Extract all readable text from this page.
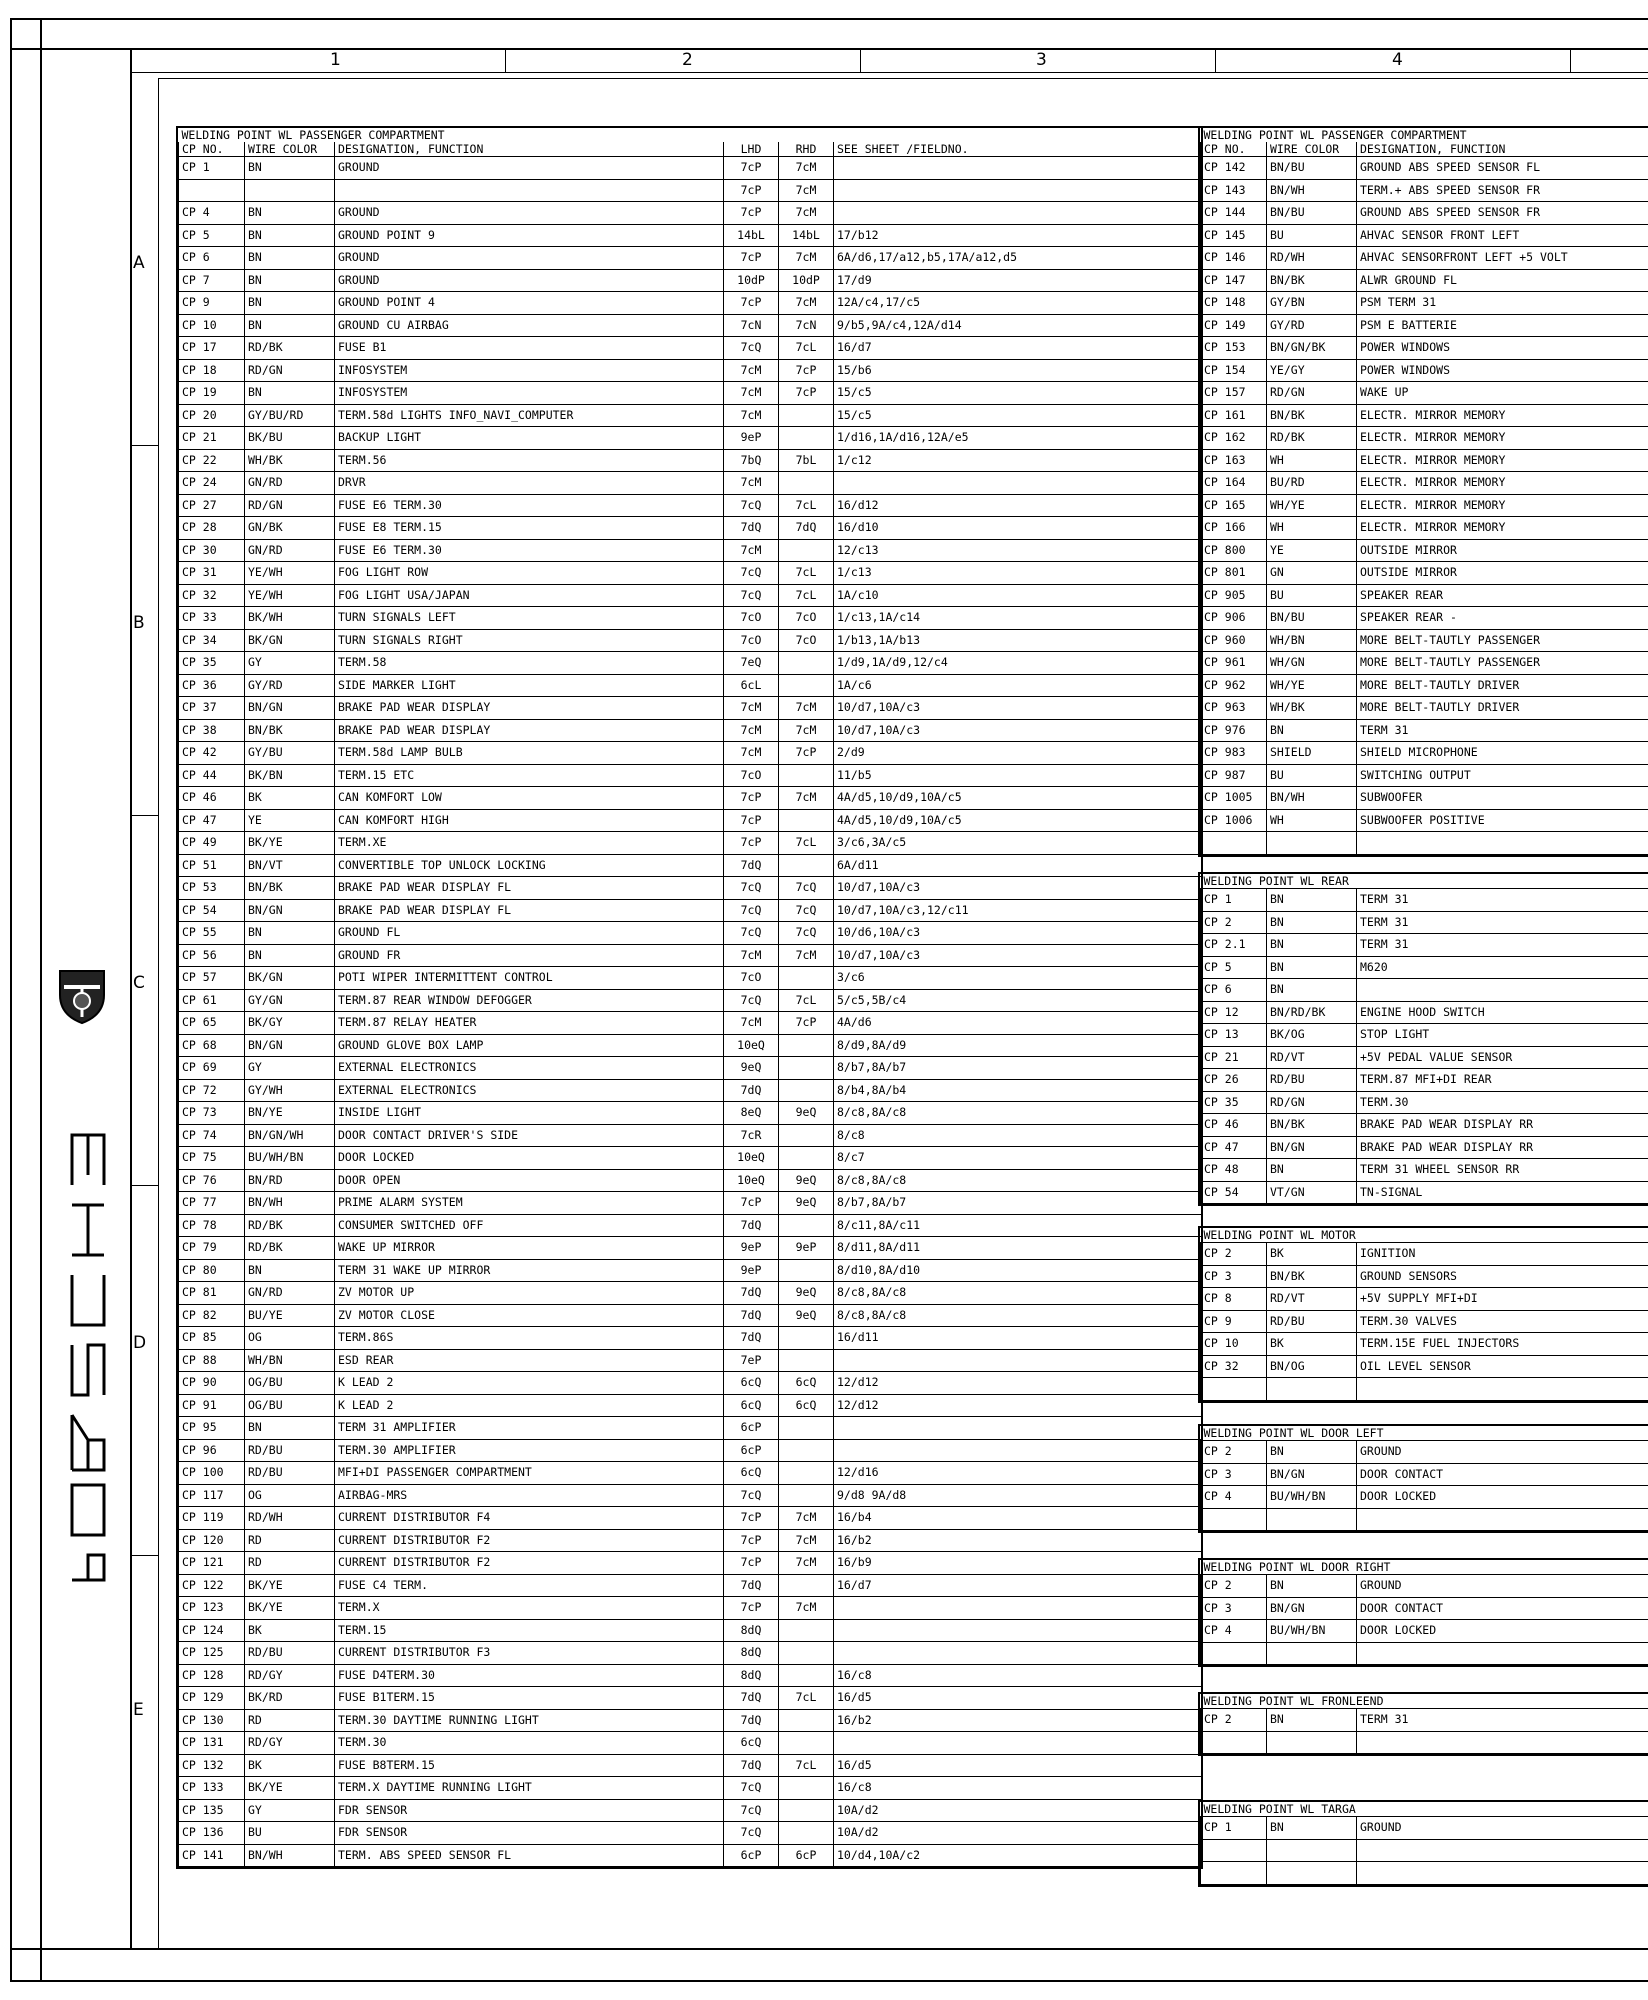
1	2	3	4
A
B
C
D
E
WELDING POINT WL PASSENGER COMPARTMENT					
CP NO.	WIRE COLOR	DESIGNATION, FUNCTION	LHD	RHD	SEE SHEET /FIELDNO.
CP 1	BN	GROUND	7cP	7cM	
			7cP	7cM	
CP 4	BN	GROUND	7cP	7cM	
CP 5	BN	GROUND POINT 9	14bL	14bL	17/b12
CP 6	BN	GROUND	7cP	7cM	6A/d6,17/a12,b5,17A/a12,d5
CP 7	BN	GROUND	10dP	10dP	17/d9
CP 9	BN	GROUND POINT 4	7cP	7cM	12A/c4,17/c5
CP 10	BN	GROUND CU AIRBAG	7cN	7cN	9/b5,9A/c4,12A/d14
CP 17	RD/BK	FUSE B1	7cQ	7cL	16/d7
CP 18	RD/GN	INFOSYSTEM	7cM	7cP	15/b6
CP 19	BN	INFOSYSTEM	7cM	7cP	15/c5
CP 20	GY/BU/RD	TERM.58d LIGHTS INFO_NAVI_COMPUTER	7cM		15/c5
CP 21	BK/BU	BACKUP LIGHT	9eP		1/d16,1A/d16,12A/e5
CP 22	WH/BK	TERM.56	7bQ	7bL	1/c12
CP 24	GN/RD	DRVR	7cM		
CP 27	RD/GN	FUSE E6 TERM.30	7cQ	7cL	16/d12
CP 28	GN/BK	FUSE E8 TERM.15	7dQ	7dQ	16/d10
CP 30	GN/RD	FUSE E6 TERM.30	7cM		12/c13
CP 31	YE/WH	FOG LIGHT ROW	7cQ	7cL	1/c13
CP 32	YE/WH	FOG LIGHT USA/JAPAN	7cQ	7cL	1A/c10
CP 33	BK/WH	TURN SIGNALS LEFT	7cO	7cO	1/c13,1A/c14
CP 34	BK/GN	TURN SIGNALS RIGHT	7cO	7cO	1/b13,1A/b13
CP 35	GY	TERM.58	7eQ		1/d9,1A/d9,12/c4
CP 36	GY/RD	SIDE MARKER LIGHT	6cL		1A/c6
CP 37	BN/GN	BRAKE PAD WEAR DISPLAY	7cM	7cM	10/d7,10A/c3
CP 38	BN/BK	BRAKE PAD WEAR DISPLAY	7cM	7cM	10/d7,10A/c3
CP 42	GY/BU	TERM.58d LAMP BULB	7cM	7cP	2/d9
CP 44	BK/BN	TERM.15 ETC	7cO		11/b5
CP 46	BK	CAN KOMFORT LOW	7cP	7cM	4A/d5,10/d9,10A/c5
CP 47	YE	CAN KOMFORT HIGH	7cP		4A/d5,10/d9,10A/c5
CP 49	BK/YE	TERM.XE	7cP	7cL	3/c6,3A/c5
CP 51	BN/VT	CONVERTIBLE TOP UNLOCK LOCKING	7dQ		6A/d11
CP 53	BN/BK	BRAKE PAD WEAR DISPLAY FL	7cQ	7cQ	10/d7,10A/c3
CP 54	BN/GN	BRAKE PAD WEAR DISPLAY FL	7cQ	7cQ	10/d7,10A/c3,12/c11
CP 55	BN	GROUND FL	7cQ	7cQ	10/d6,10A/c3
CP 56	BN	GROUND FR	7cM	7cM	10/d7,10A/c3
CP 57	BK/GN	POTI WIPER INTERMITTENT CONTROL	7cO		3/c6
CP 61	GY/GN	TERM.87 REAR WINDOW DEFOGGER	7cQ	7cL	5/c5,5B/c4
CP 65	BK/GY	TERM.87 RELAY HEATER	7cM	7cP	4A/d6
CP 68	BN/GN	GROUND GLOVE BOX LAMP	10eQ		8/d9,8A/d9
CP 69	GY	EXTERNAL ELECTRONICS	9eQ		8/b7,8A/b7
CP 72	GY/WH	EXTERNAL ELECTRONICS	7dQ		8/b4,8A/b4
CP 73	BN/YE	INSIDE LIGHT	8eQ	9eQ	8/c8,8A/c8
CP 74	BN/GN/WH	DOOR CONTACT DRIVER'S SIDE	7cR		8/c8
CP 75	BU/WH/BN	DOOR LOCKED	10eQ		8/c7
CP 76	BN/RD	DOOR OPEN	10eQ	9eQ	8/c8,8A/c8
CP 77	BN/WH	PRIME ALARM SYSTEM	7cP	9eQ	8/b7,8A/b7
CP 78	RD/BK	CONSUMER SWITCHED OFF	7dQ		8/c11,8A/c11
CP 79	RD/BK	WAKE UP MIRROR	9eP	9eP	8/d11,8A/d11
CP 80	BN	TERM 31 WAKE UP MIRROR	9eP		8/d10,8A/d10
CP 81	GN/RD	ZV MOTOR UP	7dQ	9eQ	8/c8,8A/c8
CP 82	BU/YE	ZV MOTOR CLOSE	7dQ	9eQ	8/c8,8A/c8
CP 85	OG	TERM.86S	7dQ		16/d11
CP 88	WH/BN	ESD REAR	7eP		
CP 90	OG/BU	K LEAD 2	6cQ	6cQ	12/d12
CP 91	OG/BU	K LEAD 2	6cQ	6cQ	12/d12
CP 95	BN	TERM 31 AMPLIFIER	6cP		
CP 96	RD/BU	TERM.30 AMPLIFIER	6cP		
CP 100	RD/BU	MFI+DI PASSENGER COMPARTMENT	6cQ		12/d16
CP 117	OG	AIRBAG-MRS	7cQ		9/d8 9A/d8
CP 119	RD/WH	CURRENT DISTRIBUTOR F4	7cP	7cM	16/b4
CP 120	RD	CURRENT DISTRIBUTOR F2	7cP	7cM	16/b2
CP 121	RD	CURRENT DISTRIBUTOR F2	7cP	7cM	16/b9
CP 122	BK/YE	FUSE C4 TERM.	7dQ		16/d7
CP 123	BK/YE	TERM.X	7cP	7cM	
CP 124	BK	TERM.15	8dQ		
CP 125	RD/BU	CURRENT DISTRIBUTOR F3	8dQ		
CP 128	RD/GY	FUSE D4TERM.30	8dQ		16/c8
CP 129	BK/RD	FUSE B1TERM.15	7dQ	7cL	16/d5
CP 130	RD	TERM.30 DAYTIME RUNNING LIGHT	7dQ		16/b2
CP 131	RD/GY	TERM.30	6cQ		
CP 132	BK	FUSE B8TERM.15	7dQ	7cL	16/d5
CP 133	BK/YE	TERM.X DAYTIME RUNNING LIGHT	7cQ		16/c8
CP 135	GY	FDR SENSOR	7cQ		10A/d2
CP 136	BU	FDR SENSOR	7cQ		10A/d2
CP 141	BN/WH	TERM. ABS SPEED SENSOR FL	6cP	6cP	10/d4,10A/c2
WELDING POINT WL PASSENGER COMPARTMENT		
CP NO.	WIRE COLOR	DESIGNATION, FUNCTION
CP 142	BN/BU	GROUND ABS SPEED SENSOR FL
CP 143	BN/WH	TERM.+ ABS SPEED SENSOR FR
CP 144	BN/BU	GROUND ABS SPEED SENSOR FR
CP 145	BU	AHVAC SENSOR FRONT LEFT
CP 146	RD/WH	AHVAC SENSORFRONT LEFT +5 VOLT
CP 147	BN/BK	ALWR GROUND FL
CP 148	GY/BN	PSM TERM 31
CP 149	GY/RD	PSM E BATTERIE
CP 153	BN/GN/BK	POWER WINDOWS
CP 154	YE/GY	POWER WINDOWS
CP 157	RD/GN	WAKE UP
CP 161	BN/BK	ELECTR. MIRROR MEMORY
CP 162	RD/BK	ELECTR. MIRROR MEMORY
CP 163	WH	ELECTR. MIRROR MEMORY
CP 164	BU/RD	ELECTR. MIRROR MEMORY
CP 165	WH/YE	ELECTR. MIRROR MEMORY
CP 166	WH	ELECTR. MIRROR MEMORY
CP 800	YE	OUTSIDE MIRROR
CP 801	GN	OUTSIDE MIRROR
CP 905	BU	SPEAKER REAR
CP 906	BN/BU	SPEAKER REAR -
CP 960	WH/BN	MORE BELT-TAUTLY PASSENGER
CP 961	WH/GN	MORE BELT-TAUTLY PASSENGER
CP 962	WH/YE	MORE BELT-TAUTLY DRIVER
CP 963	WH/BK	MORE BELT-TAUTLY DRIVER
CP 976	BN	TERM 31
CP 983	SHIELD	SHIELD MICROPHONE
CP 987	BU	SWITCHING OUTPUT
CP 1005	BN/WH	SUBWOOFER
CP 1006	WH	SUBWOOFER POSITIVE

WELDING POINT WL REAR		
CP 1	BN	TERM 31
CP 2	BN	TERM 31
CP 2.1	BN	TERM 31
CP 5	BN	M620
CP 6	BN	
CP 12	BN/RD/BK	ENGINE HOOD SWITCH
CP 13	BK/OG	STOP LIGHT
CP 21	RD/VT	+5V PEDAL VALUE SENSOR
CP 26	RD/BU	TERM.87 MFI+DI REAR
CP 35	RD/GN	TERM.30
CP 46	BN/BK	BRAKE PAD WEAR DISPLAY RR
CP 47	BN/GN	BRAKE PAD WEAR DISPLAY RR
CP 48	BN	TERM 31 WHEEL SENSOR RR
CP 54	VT/GN	TN-SIGNAL
WELDING POINT WL MOTOR		
CP 2	BK	IGNITION
CP 3	BN/BK	GROUND SENSORS
CP 8	RD/VT	+5V SUPPLY MFI+DI
CP 9	RD/BU	TERM.30 VALVES
CP 10	BK	TERM.15E FUEL INJECTORS
CP 32	BN/OG	OIL LEVEL SENSOR

WELDING POINT WL DOOR LEFT		
CP 2	BN	GROUND
CP 3	BN/GN	DOOR CONTACT
CP 4	BU/WH/BN	DOOR LOCKED

WELDING POINT WL DOOR RIGHT		
CP 2	BN	GROUND
CP 3	BN/GN	DOOR CONTACT
CP 4	BU/WH/BN	DOOR LOCKED

WELDING POINT WL FRONLEEND		
CP 2	BN	TERM 31

WELDING POINT WL TARGA		
CP 1	BN	GROUND
